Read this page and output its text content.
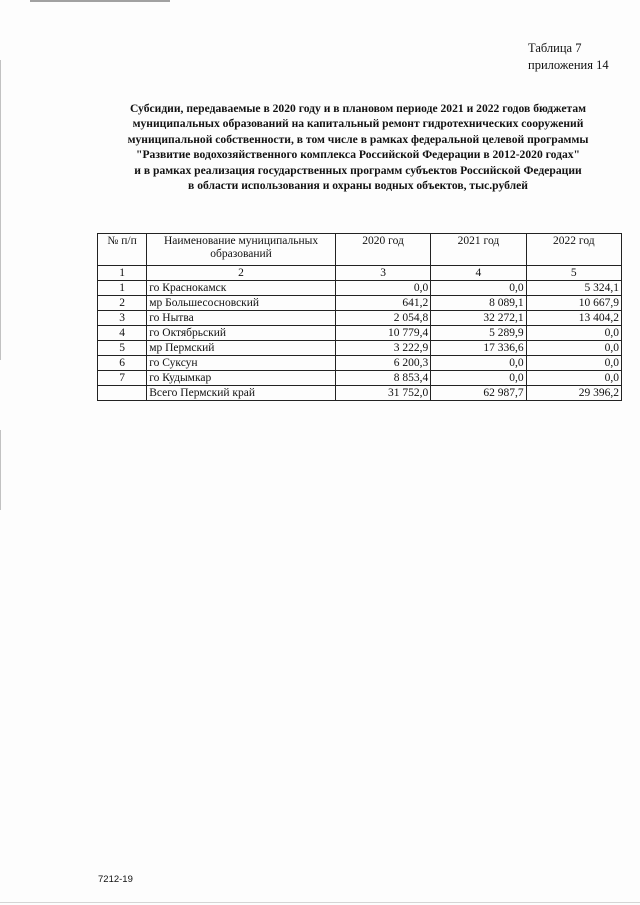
Таблица 7
приложения 14
Субсидии, передаваемые в 2020 году и в плановом периоде 2021 и 2022 годов бюджетам
муниципальных образований на капитальный ремонт гидротехнических сооружений
муниципальной собственности, в том числе в рамках федеральной целевой программы
"Развитие водохозяйственного комплекса Российской Федерации в 2012-2020 годах"
и в рамках реализация государственных программ субъектов Российской Федерации
в области использования и охраны водных объектов, тыс.рублей
№ п/п	Наименование муниципальных образований	2020 год	2021 год	2022 год
1	2	3	4	5
1	го Краснокамск	0,0	0,0	5 324,1
2	мр Большесосновский	641,2	8 089,1	10 667,9
3	го Нытва	2 054,8	32 272,1	13 404,2
4	го Октябрьский	10 779,4	5 289,9	0,0
5	мр Пермский	3 222,9	17 336,6	0,0
6	го Суксун	6 200,3	0,0	0,0
7	го Кудымкар	8 853,4	0,0	0,0
	Всего Пермский край	31 752,0	62 987,7	29 396,2
7212-19
